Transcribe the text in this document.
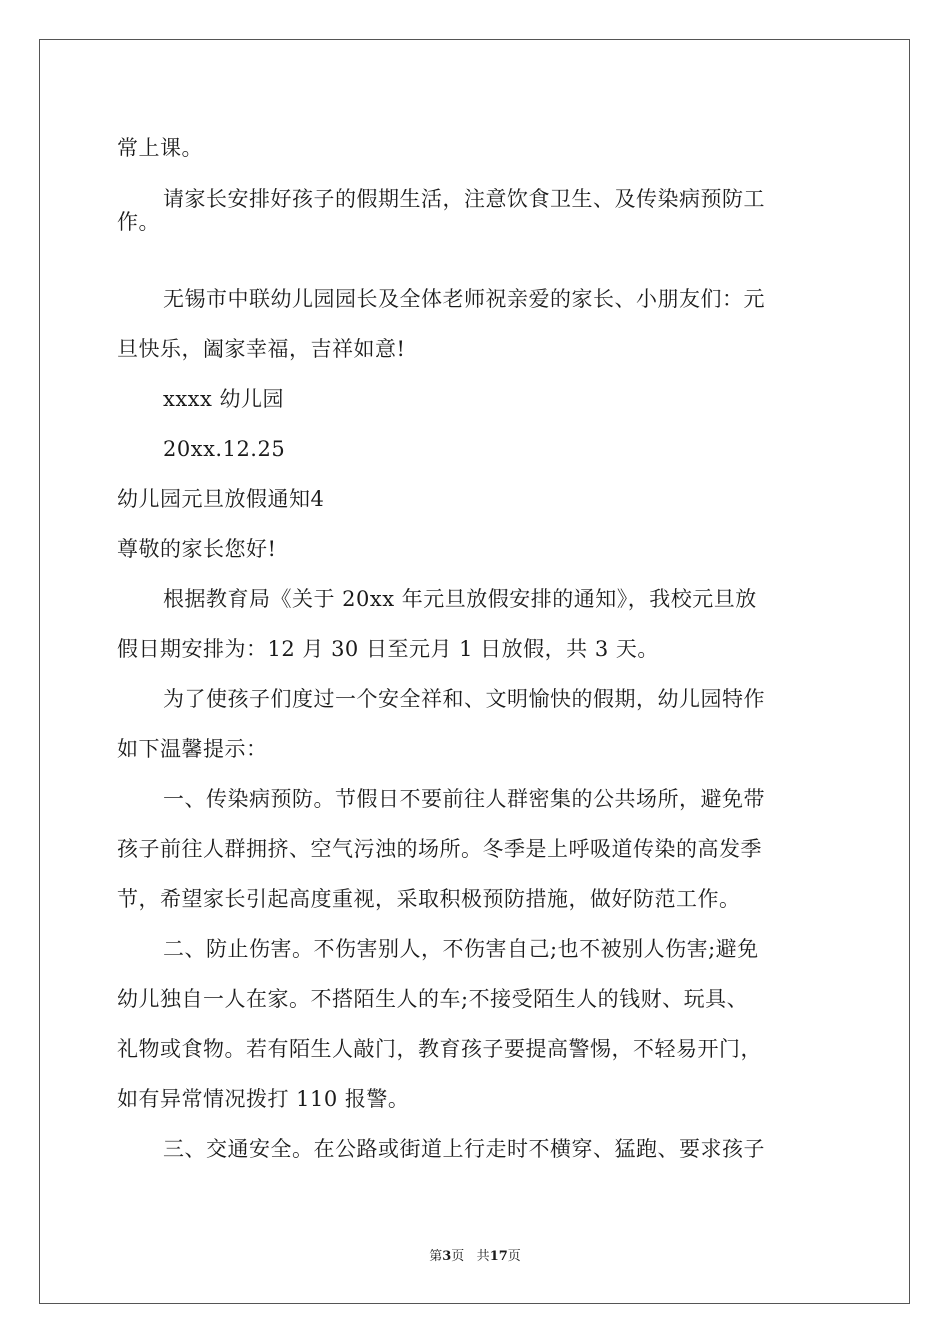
常上课。
请家长安排好孩子的假期生活，注意饮食卫生、及传染病预防工
作。
无锡市中联幼儿园园长及全体老师祝亲爱的家长、小朋友们：元
旦快乐，阖家幸福，吉祥如意!
xxxx 幼儿园
20xx.12.25
幼儿园元旦放假通知4
尊敬的家长您好!
根据教育局《关于 20xx 年元旦放假安排的通知》，我校元旦放
假日期安排为：12 月 30 日至元月 1 日放假，共 3 天。
为了使孩子们度过一个安全祥和、文明愉快的假期，幼儿园特作
如下温馨提示：
一、传染病预防。节假日不要前往人群密集的公共场所，避免带
孩子前往人群拥挤、空气污浊的场所。冬季是上呼吸道传染的高发季
节，希望家长引起高度重视，采取积极预防措施，做好防范工作。
二、防止伤害。不伤害别人，不伤害自己;也不被别人伤害;避免
幼儿独自一人在家。不搭陌生人的车;不接受陌生人的钱财、玩具、
礼物或食物。若有陌生人敲门，教育孩子要提高警惕，不轻易开门，
如有异常情况拨打 110 报警。
三、交通安全。在公路或街道上行走时不横穿、猛跑、要求孩子
第3页 共17页
